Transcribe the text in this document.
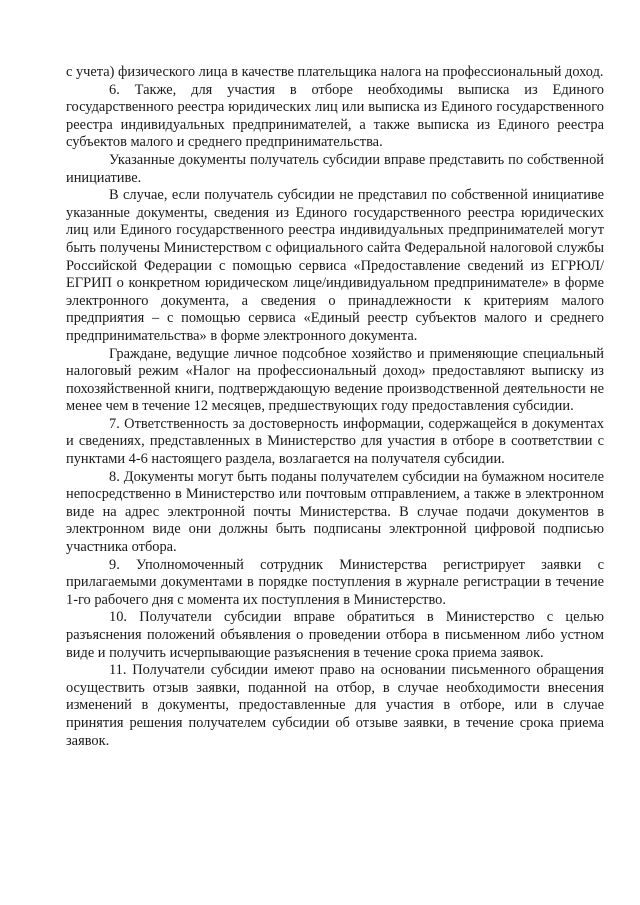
с учета) физического лица в качестве плательщика налога на профессиональный доход.

6. Также, для участия в отборе необходимы выписка из Единого государственного реестра юридических лиц или выписка из Единого государственного реестра индивидуальных предпринимателей, а также выписка из Единого реестра субъектов малого и среднего предпринимательства.

Указанные документы получатель субсидии вправе представить по собственной инициативе.

В случае, если получатель субсидии не представил по собственной инициативе указанные документы, сведения из Единого государственного реестра юридических лиц или Единого государственного реестра индивидуальных предпринимателей могут быть получены Министерством с официального сайта Федеральной налоговой службы Российской Федерации с помощью сервиса «Предоставление сведений из ЕГРЮЛ/ЕГРИП о конкретном юридическом лице/индивидуальном предпринимателе» в форме электронного документа, а сведения о принадлежности к критериям малого предприятия – с помощью сервиса «Единый реестр субъектов малого и среднего предпринимательства» в форме электронного документа.

Граждане, ведущие личное подсобное хозяйство и применяющие специальный налоговый режим «Налог на профессиональный доход» предоставляют выписку из похозяйственной книги, подтверждающую ведение производственной деятельности не менее чем в течение 12 месяцев, предшествующих году предоставления субсидии.

7. Ответственность за достоверность информации, содержащейся в документах и сведениях, представленных в Министерство для участия в отборе в соответствии с пунктами 4-6 настоящего раздела, возлагается на получателя субсидии.

8. Документы могут быть поданы получателем субсидии на бумажном носителе непосредственно в Министерство или почтовым отправлением, а также в электронном виде на адрес электронной почты Министерства. В случае подачи документов в электронном виде они должны быть подписаны электронной цифровой подписью участника отбора.

9. Уполномоченный сотрудник Министерства регистрирует заявки с прилагаемыми документами в порядке поступления в журнале регистрации в течение 1-го рабочего дня с момента их поступления в Министерство.

10. Получатели субсидии вправе обратиться в Министерство с целью разъяснения положений объявления о проведении отбора в письменном либо устном виде и получить исчерпывающие разъяснения в течение срока приема заявок.

11. Получатели субсидии имеют право на основании письменного обращения осуществить отзыв заявки, поданной на отбор, в случае необходимости внесения изменений в документы, предоставленные для участия в отборе, или в случае принятия решения получателем субсидии об отзыве заявки, в течение срока приема заявок.
